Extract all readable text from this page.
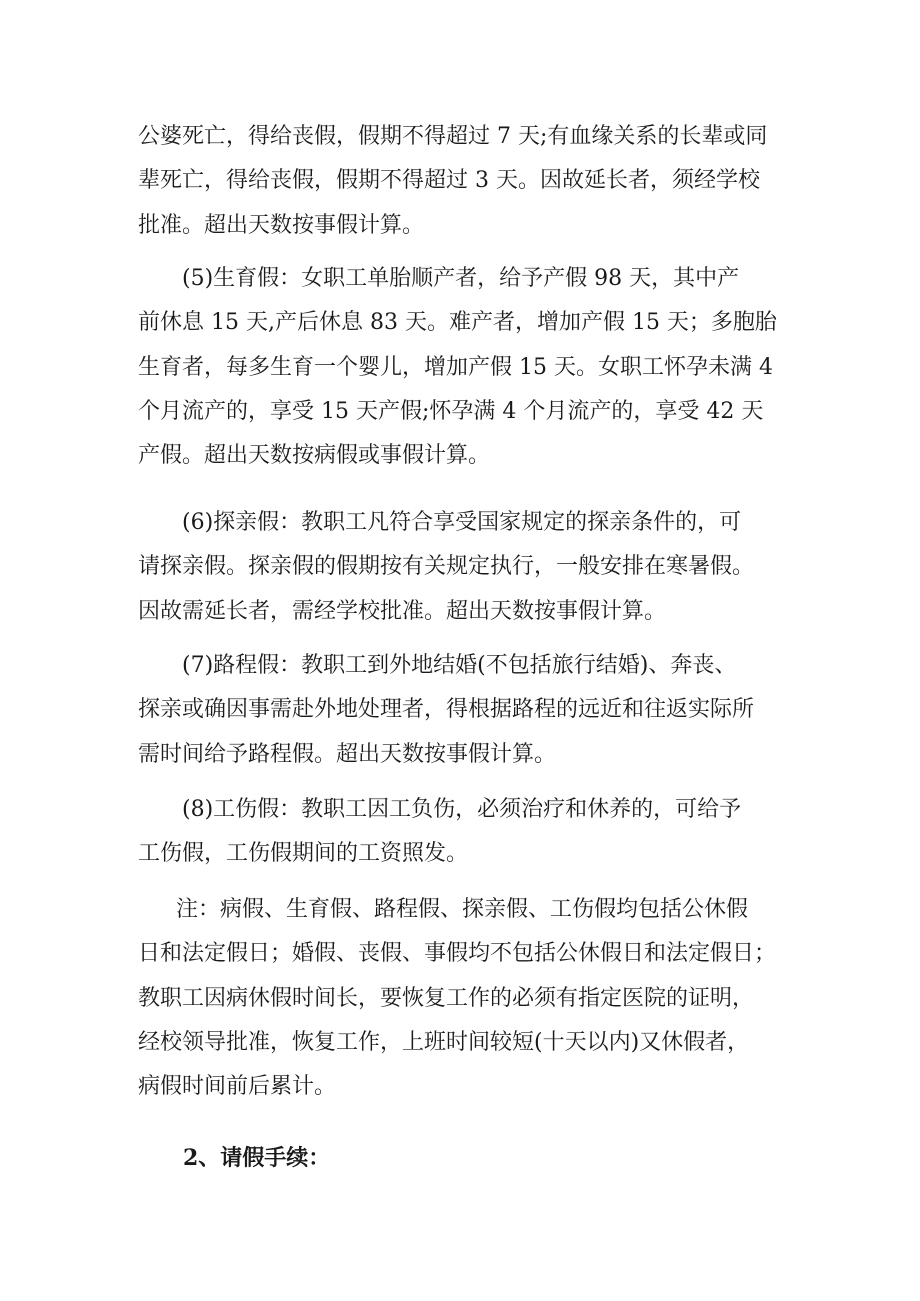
公婆死亡，得给丧假，假期不得超过 7 天;有血缘关系的长辈或同
辈死亡，得给丧假，假期不得超过 3 天。因故延长者，须经学校
批准。超出天数按事假计算。

(5)生育假：女职工单胎顺产者，给予产假 98 天，其中产
前休息 15 天,产后休息 83 天。难产者，增加产假 15 天；多胞胎
生育者，每多生育一个婴儿，增加产假 15 天。女职工怀孕未满 4
个月流产的，享受 15 天产假;怀孕满 4 个月流产的，享受 42 天
产假。超出天数按病假或事假计算。

(6)探亲假：教职工凡符合享受国家规定的探亲条件的，可
请探亲假。探亲假的假期按有关规定执行，一般安排在寒暑假。
因故需延长者，需经学校批准。超出天数按事假计算。

(7)路程假：教职工到外地结婚(不包括旅行结婚)、奔丧、
探亲或确因事需赴外地处理者，得根据路程的远近和往返实际所
需时间给予路程假。超出天数按事假计算。

(8)工伤假：教职工因工负伤，必须治疗和休养的，可给予
工伤假，工伤假期间的工资照发。

注：病假、生育假、路程假、探亲假、工伤假均包括公休假
日和法定假日；婚假、丧假、事假均不包括公休假日和法定假日；
教职工因病休假时间长，要恢复工作的必须有指定医院的证明，
经校领导批准，恢复工作，上班时间较短(十天以内)又休假者，
病假时间前后累计。

2、请假手续：
